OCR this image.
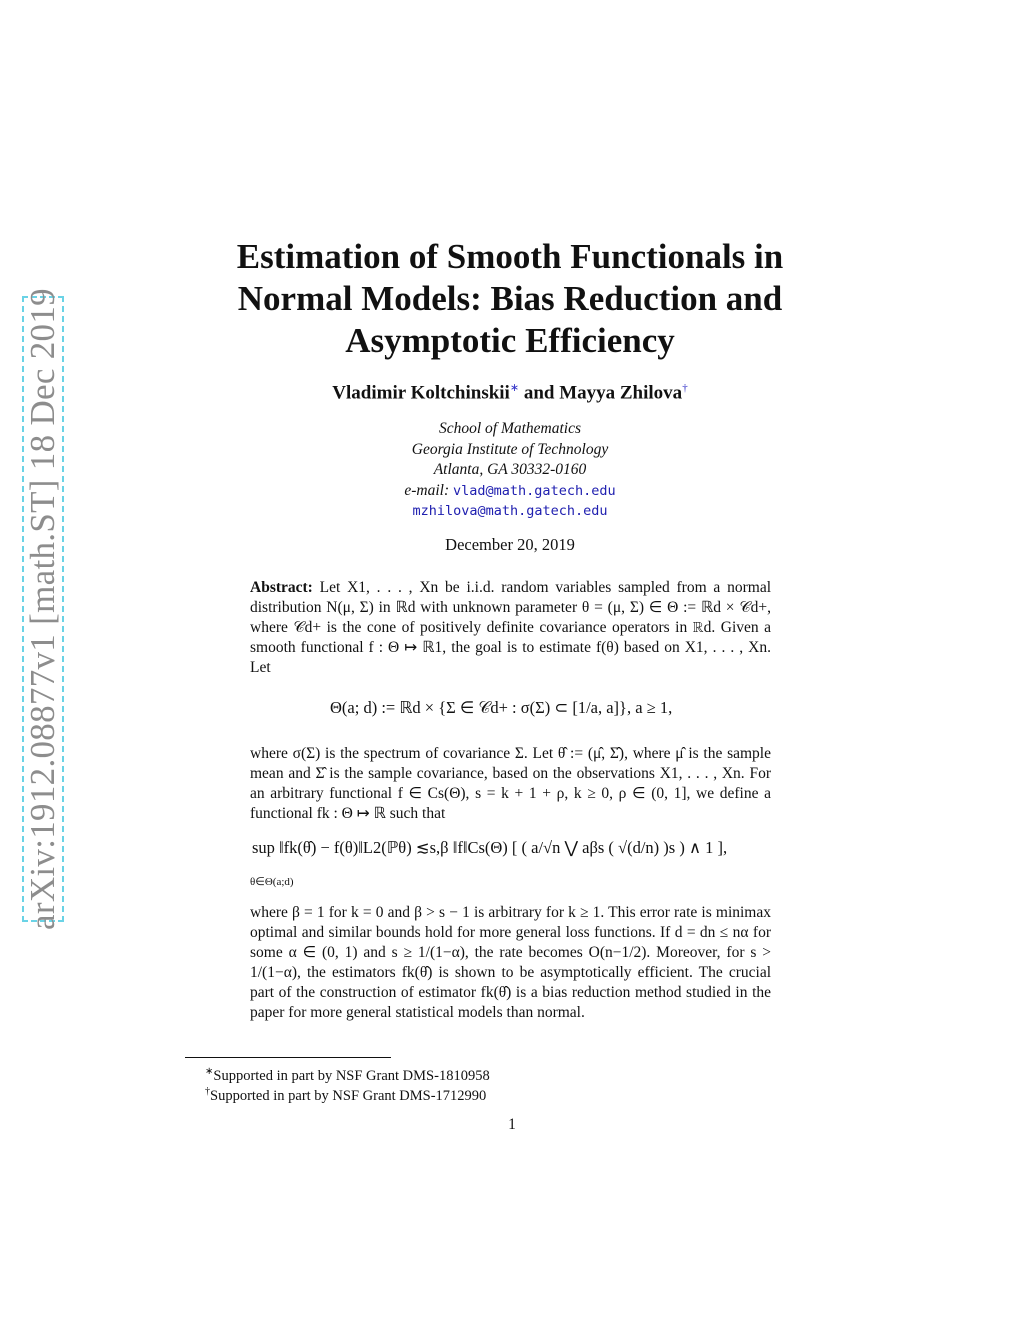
arXiv:1912.08877v1 [math.ST] 18 Dec 2019
Estimation of Smooth Functionals in
Normal Models: Bias Reduction and
Asymptotic Efficiency
Vladimir Koltchinskii∗ and Mayya Zhilova†
School of Mathematics
Georgia Institute of Technology
Atlanta, GA 30332-0160
e-mail: vlad@math.gatech.edu
mzhilova@math.gatech.edu
December 20, 2019

Abstract: Let X1, . . . , Xn be i.i.d. random variables sampled from a normal distribution N(μ, Σ) in ℝd with unknown parameter θ = (μ, Σ) ∈ Θ := ℝd × 𝒞d+, where 𝒞d+ is the cone of positively definite covariance operators in ℝd. Given a smooth functional f : Θ ↦ ℝ1, the goal is to estimate f(θ) based on X1, . . . , Xn. Let

Θ(a; d) := ℝd × {Σ ∈ 𝒞d+ : σ(Σ) ⊂ [1/a, a]}, a ≥ 1,

where σ(Σ) is the spectrum of covariance Σ. Let θ̂ := (μ̂, Σ̂), where μ̂ is the sample mean and Σ̂ is the sample covariance, based on the observations X1, . . . , Xn. For an arbitrary functional f ∈ Cs(Θ), s = k + 1 + ρ, k ≥ 0, ρ ∈ (0, 1], we define a functional fk : Θ ↦ ℝ such that

sup ‖fk(θ̂) − f(θ)‖L2(ℙθ) ≲s,β ‖f‖Cs(Θ) [ ( a/√n ⋁ aβs ( √(d/n) )s ) ∧ 1 ],
θ∈Θ(a;d)

where β = 1 for k = 0 and β > s − 1 is arbitrary for k ≥ 1. This error rate is minimax optimal and similar bounds hold for more general loss functions. If d = dn ≤ nα for some α ∈ (0, 1) and s ≥ 1/(1−α), the rate becomes O(n−1/2). Moreover, for s > 1/(1−α), the estimators fk(θ̂) is shown to be asymptotically efficient. The crucial part of the construction of estimator fk(θ̂) is a bias reduction method studied in the paper for more general statistical models than normal.

∗Supported in part by NSF Grant DMS-1810958
†Supported in part by NSF Grant DMS-1712990
1
